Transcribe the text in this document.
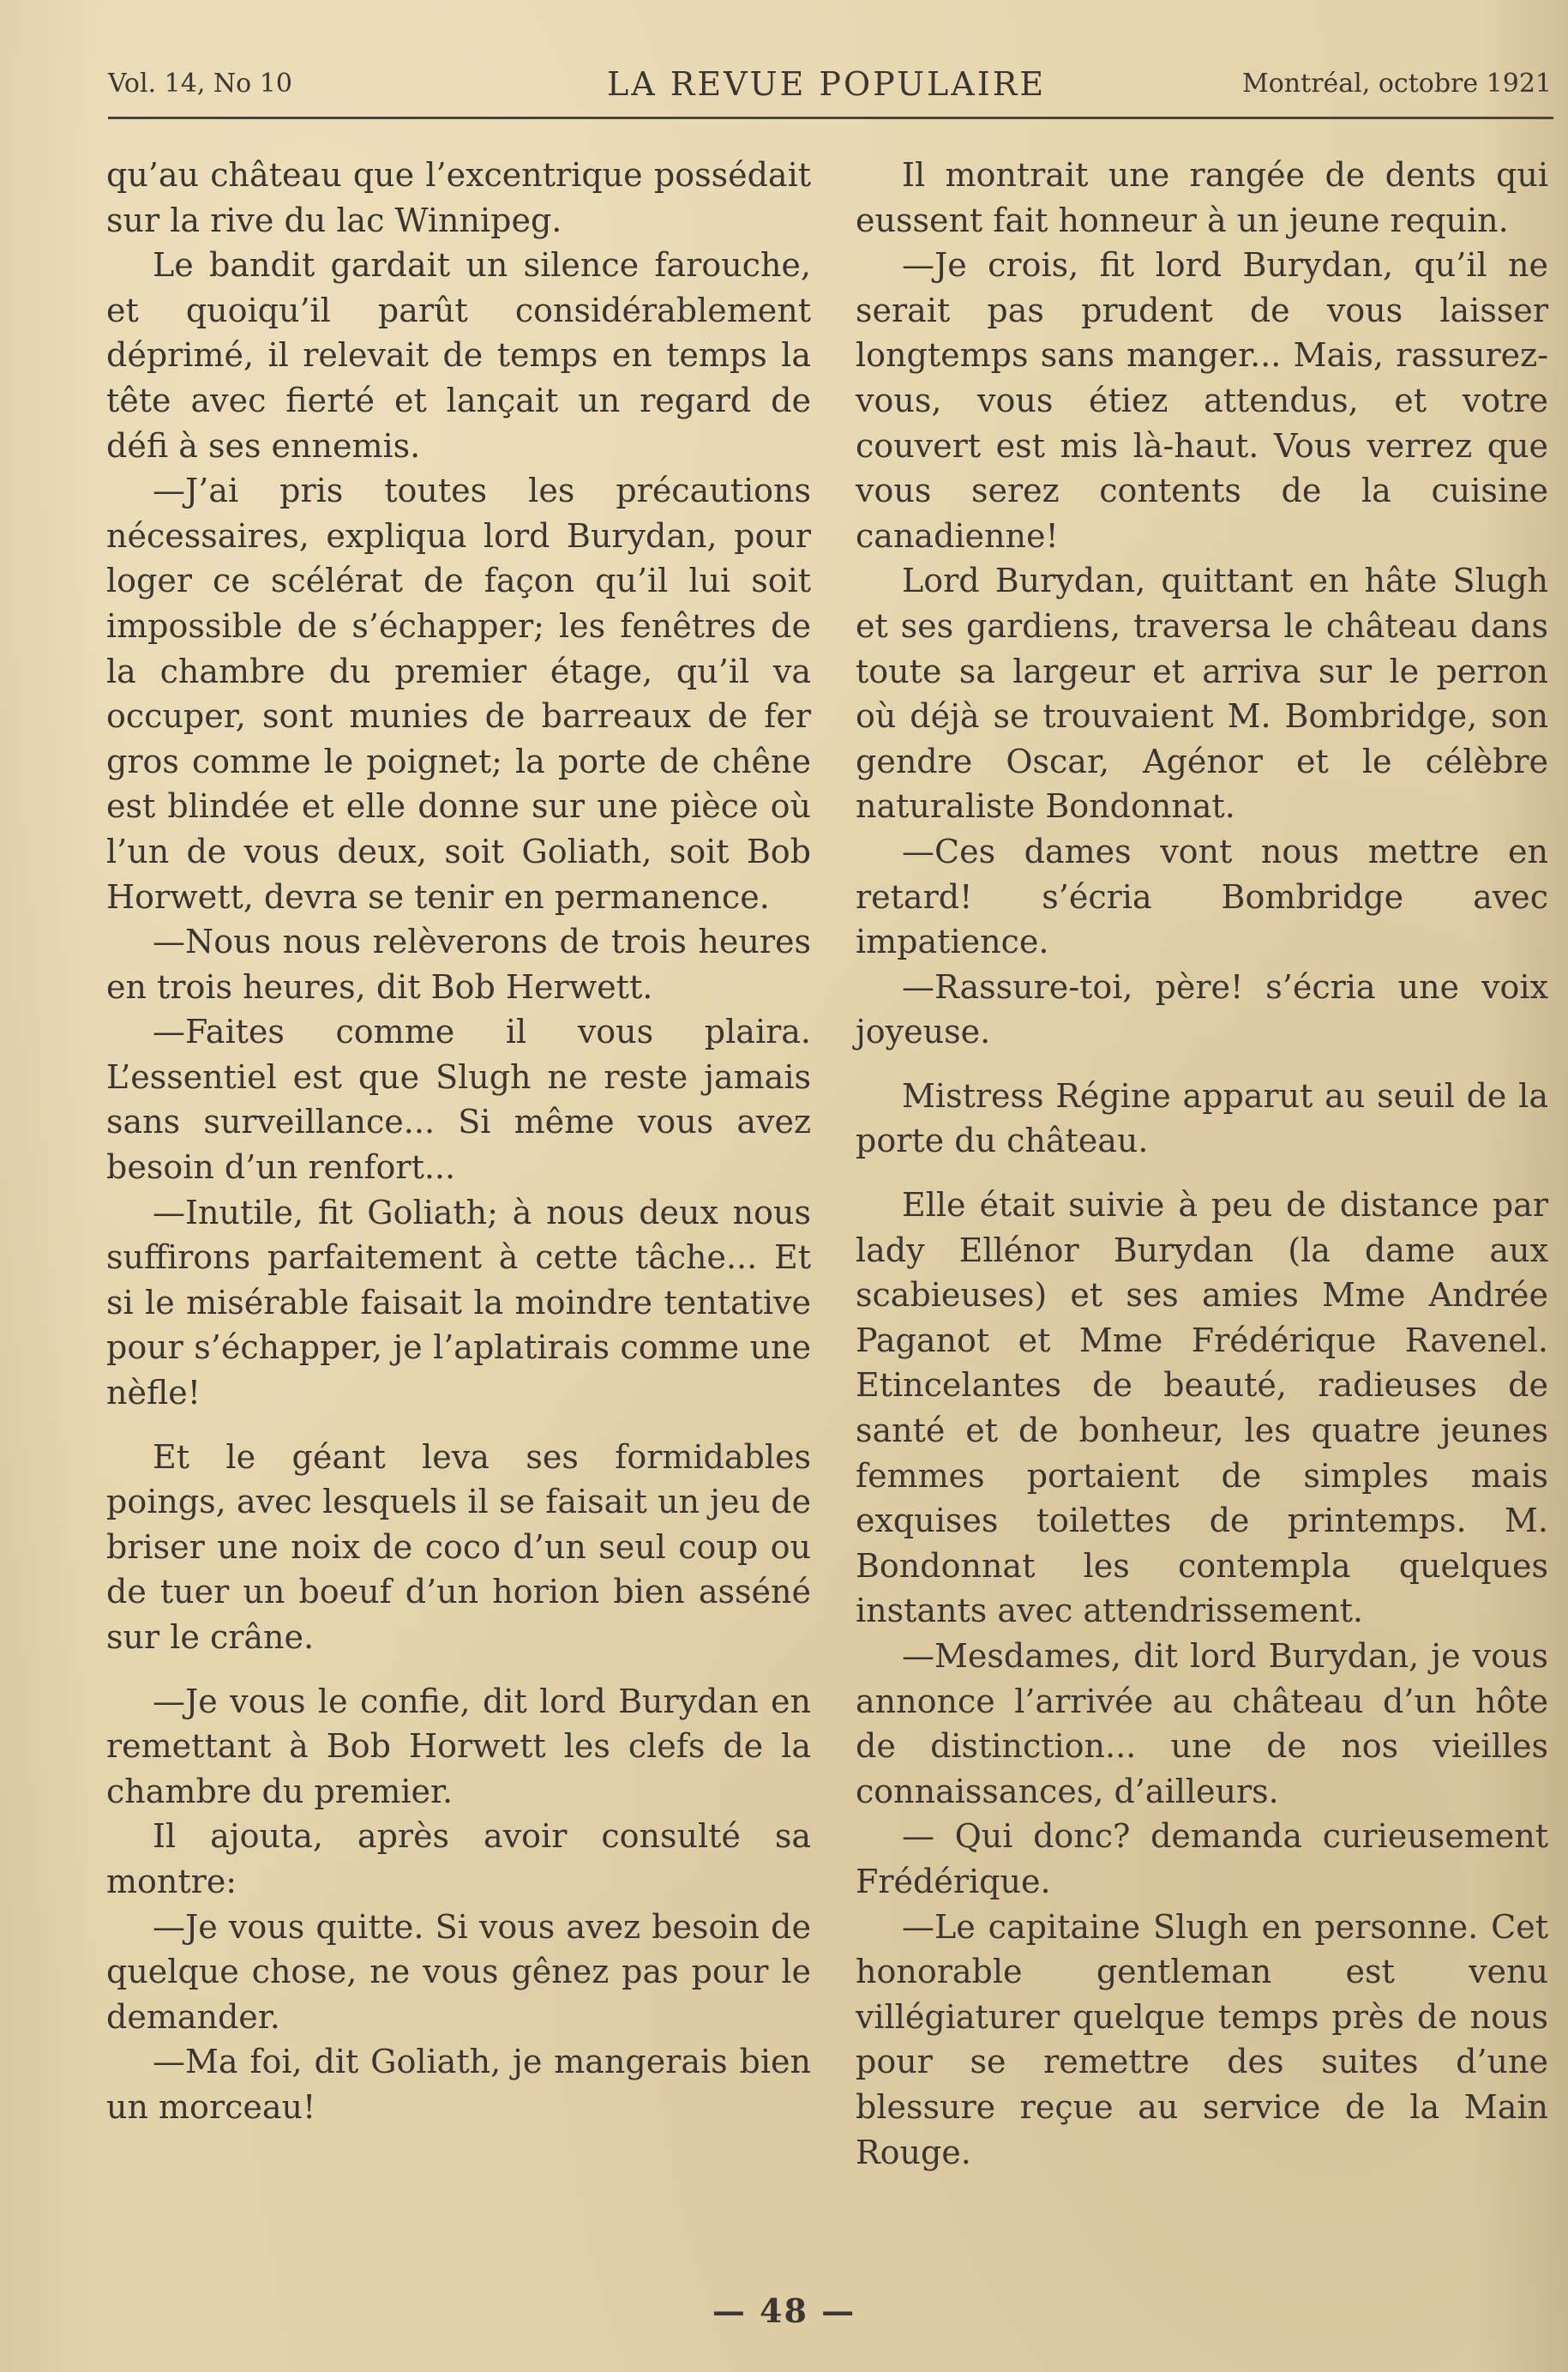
Vol. 14, No 10	LA REVUE POPULAIRE	Montréal, octobre 1921

qu’au château que l’excentrique possédait sur la rive du lac Winnipeg.

Le bandit gardait un silence farouche, et quoiqu’il parût considérablement déprimé, il relevait de temps en temps la tête avec fierté et lançait un regard de défi à ses ennemis.

—J’ai pris toutes les précautions nécessaires, expliqua lord Burydan, pour loger ce scélérat de façon qu’il lui soit impossible de s’échapper; les fenêtres de la chambre du premier étage, qu’il va occuper, sont munies de barreaux de fer gros comme le poignet; la porte de chêne est blindée et elle donne sur une pièce où l’un de vous deux, soit Goliath, soit Bob Horwett, devra se tenir en permanence.

—Nous nous relèverons de trois heures en trois heures, dit Bob Herwett.

—Faites comme il vous plaira. L’essentiel est que Slugh ne reste jamais sans surveillance... Si même vous avez besoin d’un renfort...

—Inutile, fit Goliath; à nous deux nous suffirons parfaitement à cette tâche... Et si le misérable faisait la moindre tentative pour s’échapper, je l’aplatirais comme une nèfle!

Et le géant leva ses formidables poings, avec lesquels il se faisait un jeu de briser une noix de coco d’un seul coup ou de tuer un boeuf d’un horion bien asséné sur le crâne.

—Je vous le confie, dit lord Burydan en remettant à Bob Horwett les clefs de la chambre du premier.

Il ajouta, après avoir consulté sa montre:

—Je vous quitte. Si vous avez besoin de quelque chose, ne vous gênez pas pour le demander.

—Ma foi, dit Goliath, je mangerais bien un morceau!

Il montrait une rangée de dents qui eussent fait honneur à un jeune requin.

—Je crois, fit lord Burydan, qu’il ne serait pas prudent de vous laisser longtemps sans manger... Mais, rassurez-vous, vous étiez attendus, et votre couvert est mis là-haut. Vous verrez que vous serez contents de la cuisine canadienne!

Lord Burydan, quittant en hâte Slugh et ses gardiens, traversa le château dans toute sa largeur et arriva sur le perron où déjà se trouvaient M. Bombridge, son gendre Oscar, Agénor et le célèbre naturaliste Bondonnat.

—Ces dames vont nous mettre en retard! s’écria Bombridge avec impatience.

—Rassure-toi, père! s’écria une voix joyeuse.

Mistress Régine apparut au seuil de la porte du château.

Elle était suivie à peu de distance par lady Ellénor Burydan (la dame aux scabieuses) et ses amies Mme Andrée Paganot et Mme Frédérique Ravenel. Etincelantes de beauté, radieuses de santé et de bonheur, les quatre jeunes femmes portaient de simples mais exquises toilettes de printemps. M. Bondonnat les contempla quelques instants avec attendrissement.

—Mesdames, dit lord Burydan, je vous annonce l’arrivée au château d’un hôte de distinction... une de nos vieilles connaissances, d’ailleurs.

— Qui donc? demanda curieusement Frédérique.

—Le capitaine Slugh en personne. Cet honorable gentleman est venu villégiaturer quelque temps près de nous pour se remettre des suites d’une blessure reçue au service de la Main Rouge.

— 48 —
